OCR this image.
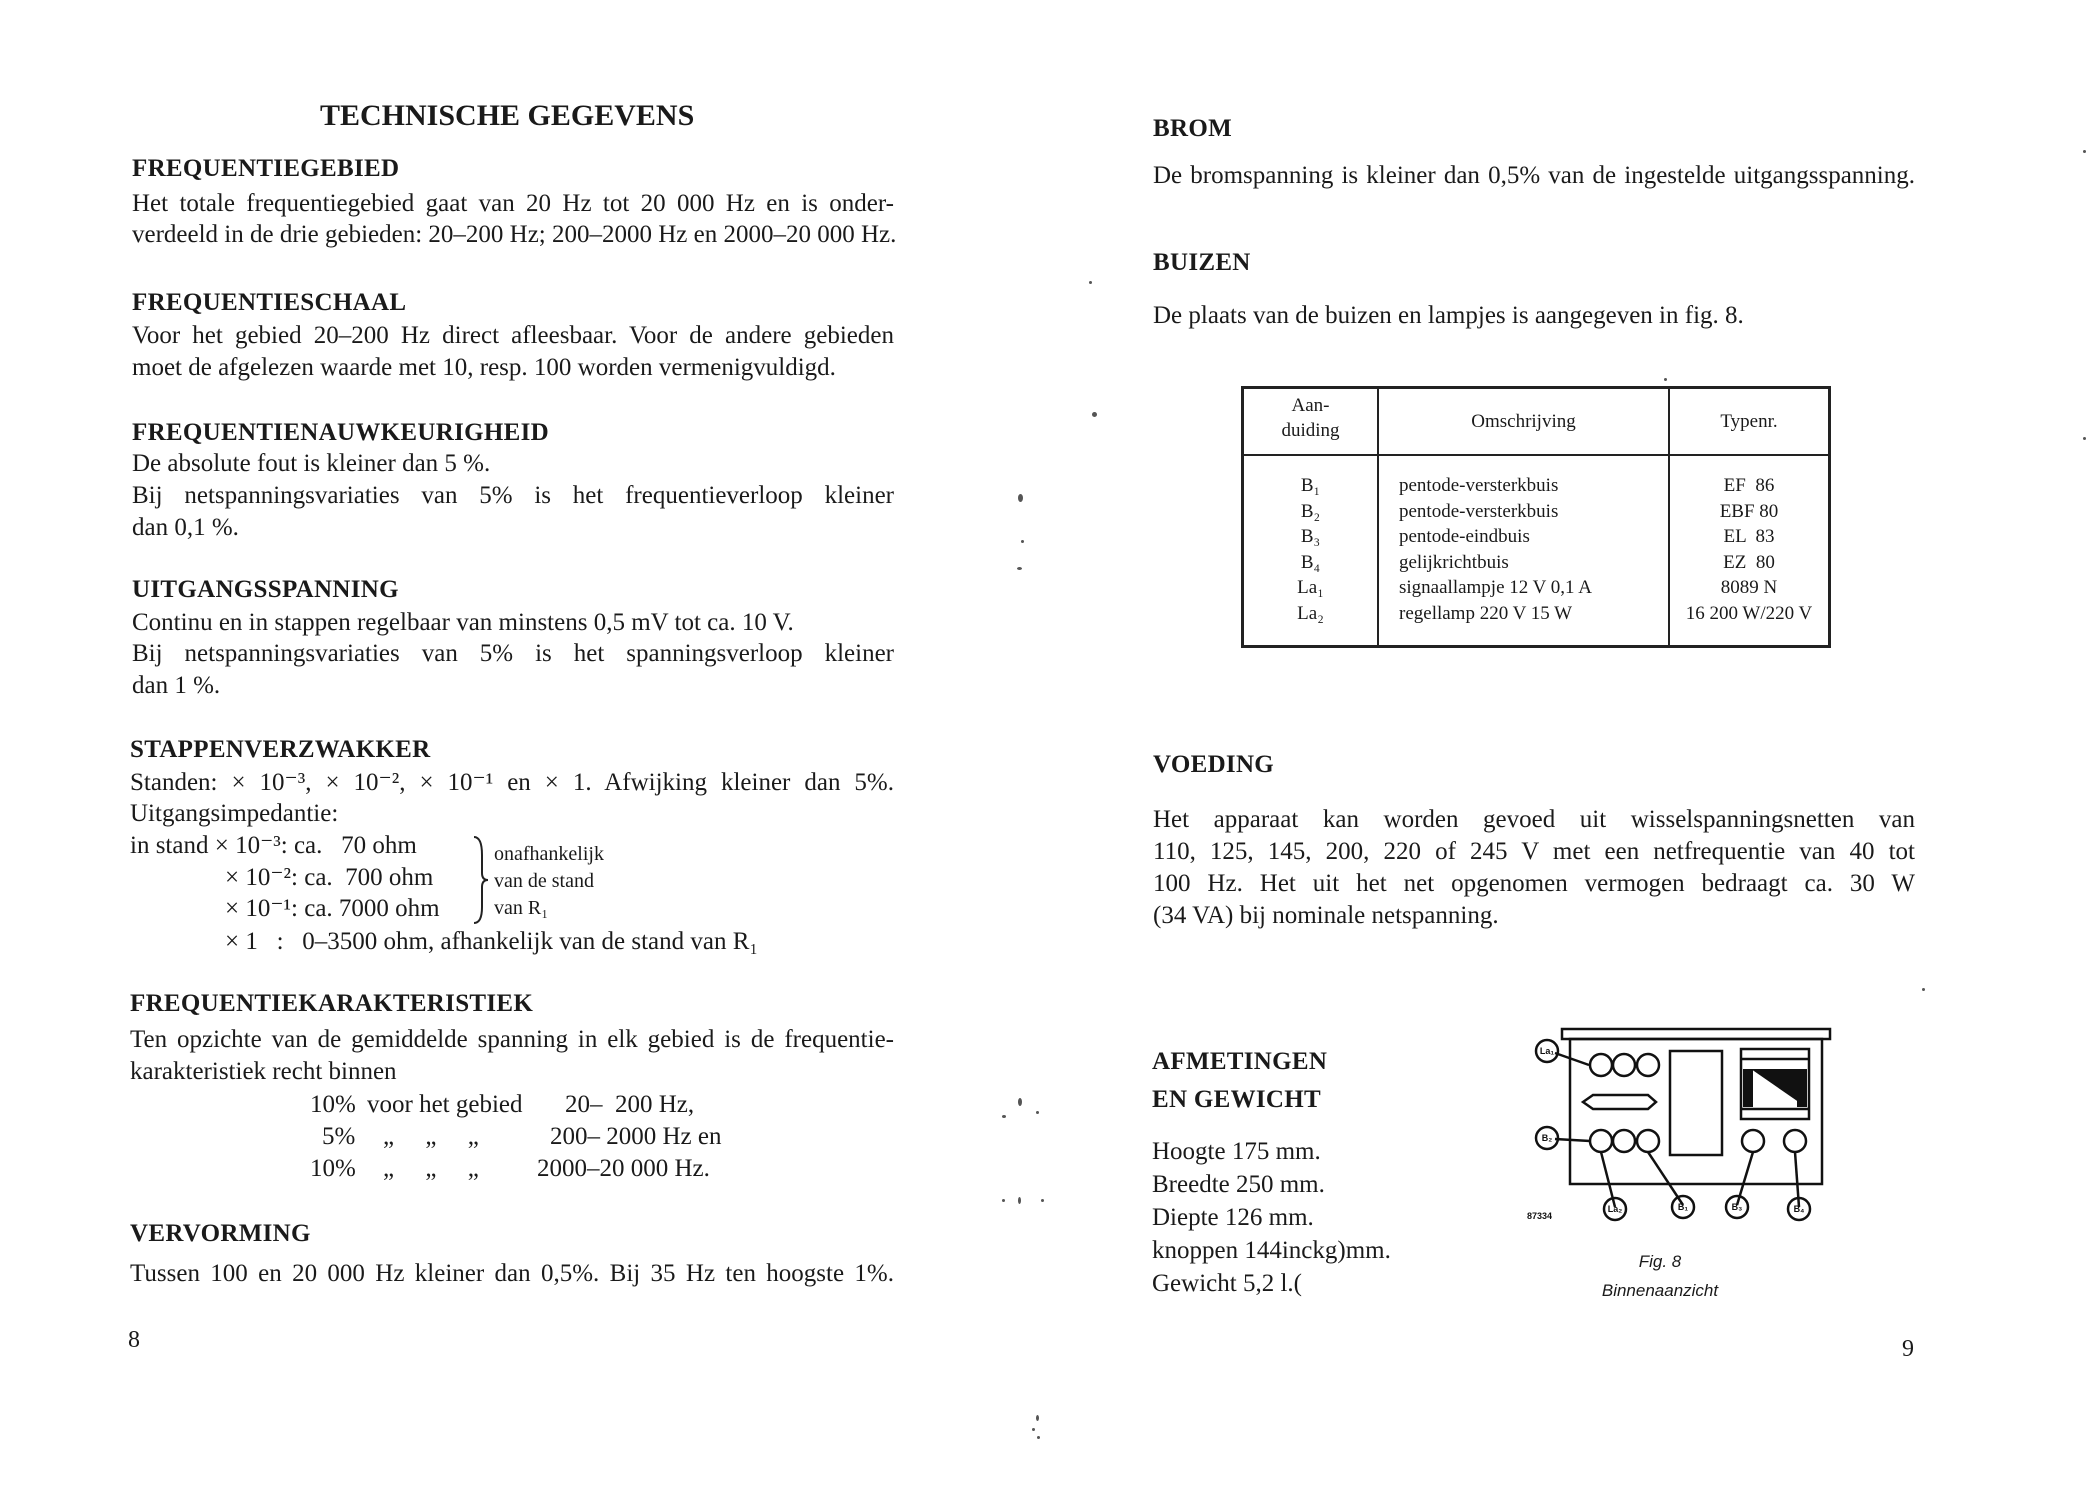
TECHNISCHE GEGEVENS
FREQUENTIEGEBIED
Het totale frequentiegebied gaat van 20 Hz tot 20 000 Hz en is onder-
verdeeld in de drie gebieden: 20–200 Hz; 200–2000 Hz en 2000–20 000 Hz.
FREQUENTIESCHAAL
Voor het gebied 20–200 Hz direct afleesbaar. Voor de andere gebieden
moet de afgelezen waarde met 10, resp. 100 worden vermenigvuldigd.
FREQUENTIENAUWKEURIGHEID
De absolute fout is kleiner dan 5 %.
Bij netspanningsvariaties van 5% is het frequentieverloop kleiner
dan 0,1 %.
UITGANGSSPANNING
Continu en in stappen regelbaar van minstens 0,5 mV tot ca. 10 V.
Bij netspanningsvariaties van 5% is het spanningsverloop kleiner
dan 1 %.
STAPPENVERZWAKKER
Standen: × 10⁻³, × 10⁻², × 10⁻¹ en × 1. Afwijking kleiner dan 5%.
Uitgangsimpedantie:
in stand × 10⁻³: ca.   70 ohm
× 10⁻²: ca.  700 ohm
× 10⁻¹: ca. 7000 ohm
× 1   :   0–3500 ohm, afhankelijk van de stand van R₁
onafhankelijk
van de stand
van R₁
FREQUENTIEKARAKTERISTIEK
Ten opzichte van de gemiddelde spanning in elk gebied is de frequentie-
karakteristiek recht binnen
10% voor het gebied 20–  200 Hz,
5% „     „     „	200– 2000 Hz en
10% „     „     „ 2000–20 000 Hz.
VERVORMING
Tussen 100 en 20 000 Hz kleiner dan 0,5%. Bij 35 Hz ten hoogste 1%.
8
BROM
De bromspanning is kleiner dan 0,5% van de ingestelde uitgangsspanning.
BUIZEN
De plaats van de buizen en lampjes is aangegeven in fig. 8.
Aan-
duiding	Omschrijving	Typenr.
B₁	pentode-versterkbuis	EF  86
B₂	pentode-versterkbuis	EBF 80
B₃	pentode-eindbuis	EL  83
B₄	gelijkrichtbuis	EZ  80
La₁	signaallampje 12 V 0,1 A	8089 N
La₂	regellamp 220 V 15 W	16 200 W/220 V
VOEDING
Het apparaat kan worden gevoed uit wisselspanningsnetten van
110, 125, 145, 200, 220 of 245 V met een netfrequentie van 40 tot
100 Hz. Het uit het net opgenomen vermogen bedraagt ca. 30 W
(34 VA) bij nominale netspanning.
AFMETINGEN
EN GEWICHT
Hoogte 175 mm.
Breedte 250 mm.
Diepte 126 mm.
knoppen 144inckg)mm.
Gewicht 5,2 l.(
La₁
B₂
La₂	B₁	B₃	B₄
87334
Fig. 8
Binnenaanzicht
9
